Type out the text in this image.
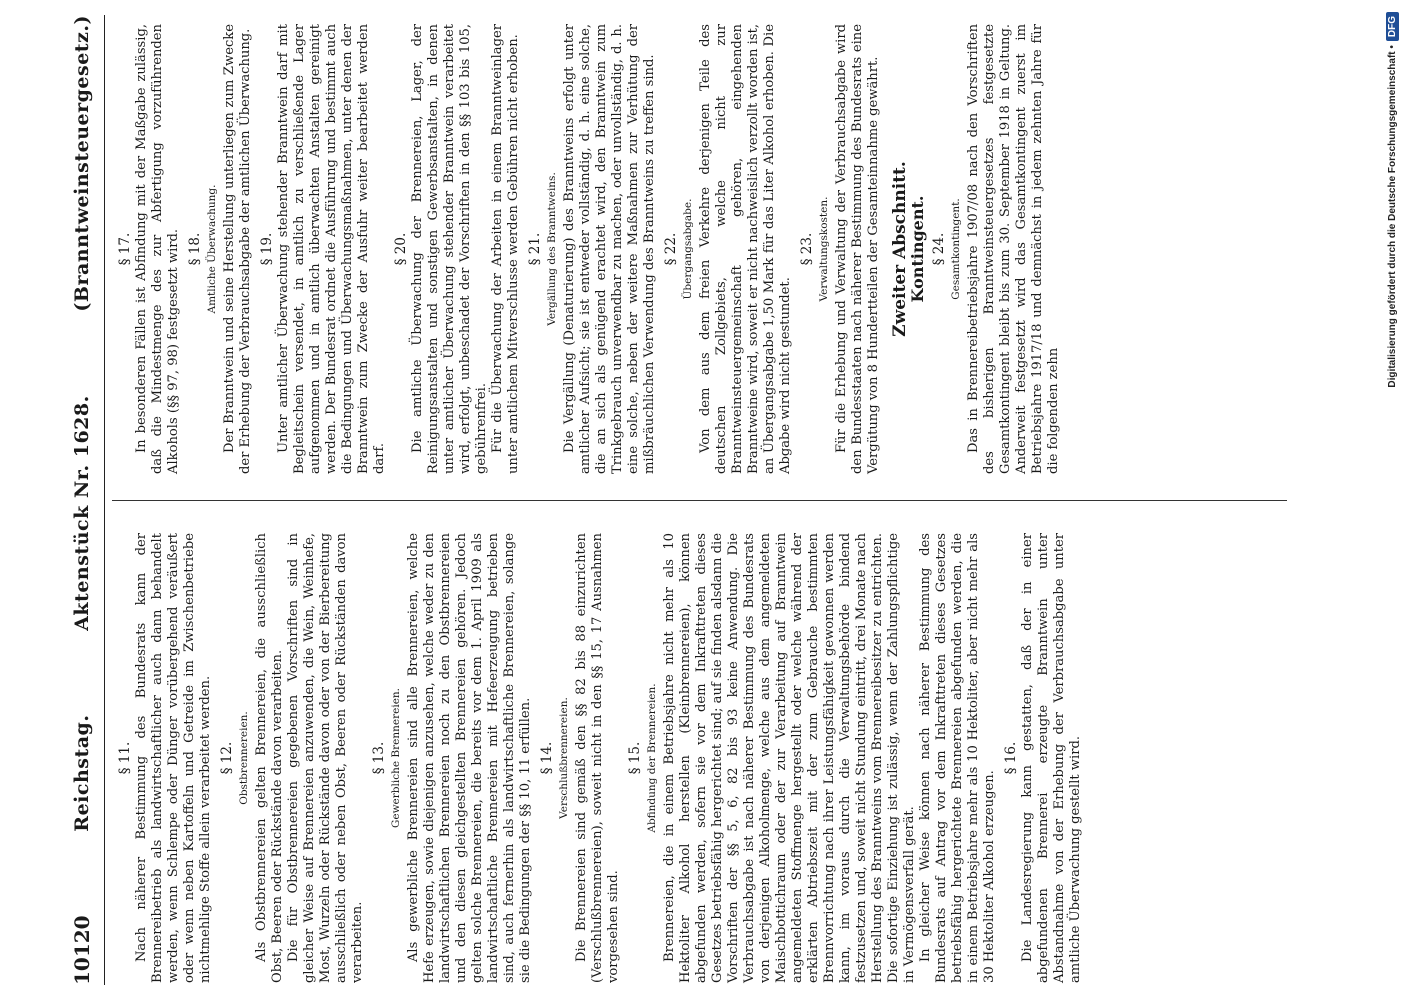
10120
Reichstag.
Aktenstück Nr. 1628.
(Branntweinsteuergesetz.)
§ 11. Nach näherer Bestimmung des Bundesrats kann der Brennereibetrieb als landwirtschaftlicher auch dann behandelt werden, wenn Schlempe oder Dünger vorübergehend veräußert oder wenn neben Kartoffeln und Getreide im Zwischenbetriebe nichtmehlige Stoffe allein verarbeitet werden. § 12. Obstbrennereien. Als Obstbrennereien gelten Brennereien, die ausschließlich Obst, Beeren oder Rückstände davon verarbeiten. Die für Obstbrennereien gegebenen Vorschriften sind in gleicher Weise auf Brennereien anzuwenden, die Wein, Weinhefe, Most, Wurzeln oder Rückstände davon oder von der Bierbereitung ausschließlich oder neben Obst, Beeren oder Rückständen davon verarbeiten.

§ 13. Gewerbliche Brennereien. Als gewerbliche Brennereien sind alle Brennereien, welche Hefe erzeugen, sowie diejenigen anzusehen, welche weder zu den landwirtschaftlichen Brennereien noch zu den Obstbrennereien und den diesen gleichgestellten Brennereien gehören. Jedoch gelten solche Brennereien, die bereits vor dem 1. April 1909 als landwirtschaftliche Brennereien mit Hefeerzeugung betrieben sind, auch fernerhin als landwirtschaftliche Brennereien, solange sie die Bedingungen der §§ 10, 11 erfüllen. § 14. Verschlußbrennereien. Die Brennereien sind gemäß den §§ 82 bis 88 einzurichten (Verschlußbrennereien), soweit nicht in den §§ 15, 17 Ausnahmen vorgesehen sind.

§ 15. Abfindung der Brennereien. Brennereien, die in einem Betriebsjahre nicht mehr als 10 Hektoliter Alkohol herstellen (Kleinbrennereien), können abgefunden werden, sofern sie vor dem Inkrafttreten dieses Gesetzes betriebsfähig hergerichtet sind; auf sie finden alsdann die Vorschriften der §§ 5, 6, 82 bis 93 keine Anwendung. Die Verbrauchsabgabe ist nach näherer Bestimmung des Bundesrats von derjenigen Alkoholmenge, welche aus dem angemeldeten Maischbottichraum oder der zur Verarbeitung auf Branntwein angemeldeten Stoffmenge hergestellt oder welche während der erklärten Abtriebszeit mit der zum Gebrauche bestimmten Brennvorrichtung nach ihrer Leistungsfähigkeit gewonnen werden kann, im voraus durch die Verwaltungsbehörde bindend festzusetzen und, soweit nicht Stundung eintritt, drei Monate nach Herstellung des Branntweins vom Brennereibesitzer zu entrichten. Die sofortige Einziehung ist zulässig, wenn der Zahlungspflichtige in Vermögensverfall gerät. In gleicher Weise können nach näherer Bestimmung des Bundesrats auf Antrag vor dem Inkrafttreten dieses Gesetzes betriebsfähig hergerichtete Brennereien abgefunden werden, die in einem Betriebsjahre mehr als 10 Hektoliter, aber nicht mehr als 30 Hektoliter Alkohol erzeugen.

§ 16. Die Landesregierung kann gestatten, daß der in einer abgefundenen Brennerei erzeugte Branntwein unter Abstandnahme von der Erhebung der Verbrauchsabgabe unter amtliche Überwachung gestellt wird.

§ 17. In besonderen Fällen ist Abfindung mit der Maßgabe zulässig, daß die Mindestmenge des zur Abfertigung vorzuführenden Alkohols (§§ 97, 98) festgesetzt wird. § 18. Amtliche Überwachung. Der Branntwein und seine Herstellung unterliegen zum Zwecke der Erhebung der Verbrauchsabgabe der amtlichen Überwachung. § 19. Unter amtlicher Überwachung stehender Branntwein darf mit Begleitschein versendet, in amtlich zu verschließende Lager aufgenommen und in amtlich überwachten Anstalten gereinigt werden. Der Bundesrat ordnet die Ausführung und bestimmt auch die Bedingungen und Überwachungsmaßnahmen, unter denen der Branntwein zum Zwecke der Ausfuhr weiter bearbeitet werden darf.

§ 20. Die amtliche Überwachung der Brennereien, Lager, der Reinigungsanstalten und sonstigen Gewerbsanstalten, in denen unter amtlicher Überwachung stehender Branntwein verarbeitet wird, erfolgt, unbeschadet der Vorschriften in den §§ 103 bis 105, gebührenfrei. Für die Überwachung der Arbeiten in einem Branntweinlager unter amtlichem Mitverschlusse werden Gebühren nicht erhoben. § 21. Vergällung des Branntweins. Die Vergällung (Denaturierung) des Branntweins erfolgt unter amtlicher Aufsicht; sie ist entweder vollständig, d. h. eine solche, die an sich als genügend erachtet wird, den Branntwein zum Trinkgebrauch unverwendbar zu machen, oder unvollständig, d. h. eine solche, neben der weitere Maßnahmen zur Verhütung der mißbräuchlichen Verwendung des Branntweins zu treffen sind. § 22. Übergangsabgabe. Von dem aus dem freien Verkehre derjenigen Teile des deutschen Zollgebiets, welche nicht zur Branntweinsteuergemeinschaft gehören, eingehenden Branntweine wird, soweit er nicht nachweislich verzollt worden ist, an Übergangsabgabe 1,50 Mark für das Liter Alkohol erhoben. Die Abgabe wird nicht gestundet.

§ 23. Verwaltungskosten. Für die Erhebung und Verwaltung der Verbrauchsabgabe wird den Bundesstaaten nach näherer Bestimmung des Bundesrats eine Vergütung von 8 Hundertteilen der Gesamteinnahme gewährt. Zweiter Abschnitt.
Kontingent. § 24. Gesamtkontingent. Das in Brennereibetriebsjahre 1907/08 nach den Vorschriften des bisherigen Branntweinsteuergesetzes festgesetzte Gesamtkontingent bleibt bis zum 30. September 1918 in Geltung. Anderweit festgesetzt wird das Gesamtkontingent zuerst im Betriebsjahre 1917/18 und demnächst in jedem zehnten Jahre für die folgenden zehn

Digitalisierung gefördert durch die Deutsche Forschungsgemeinschaft •
DFG
